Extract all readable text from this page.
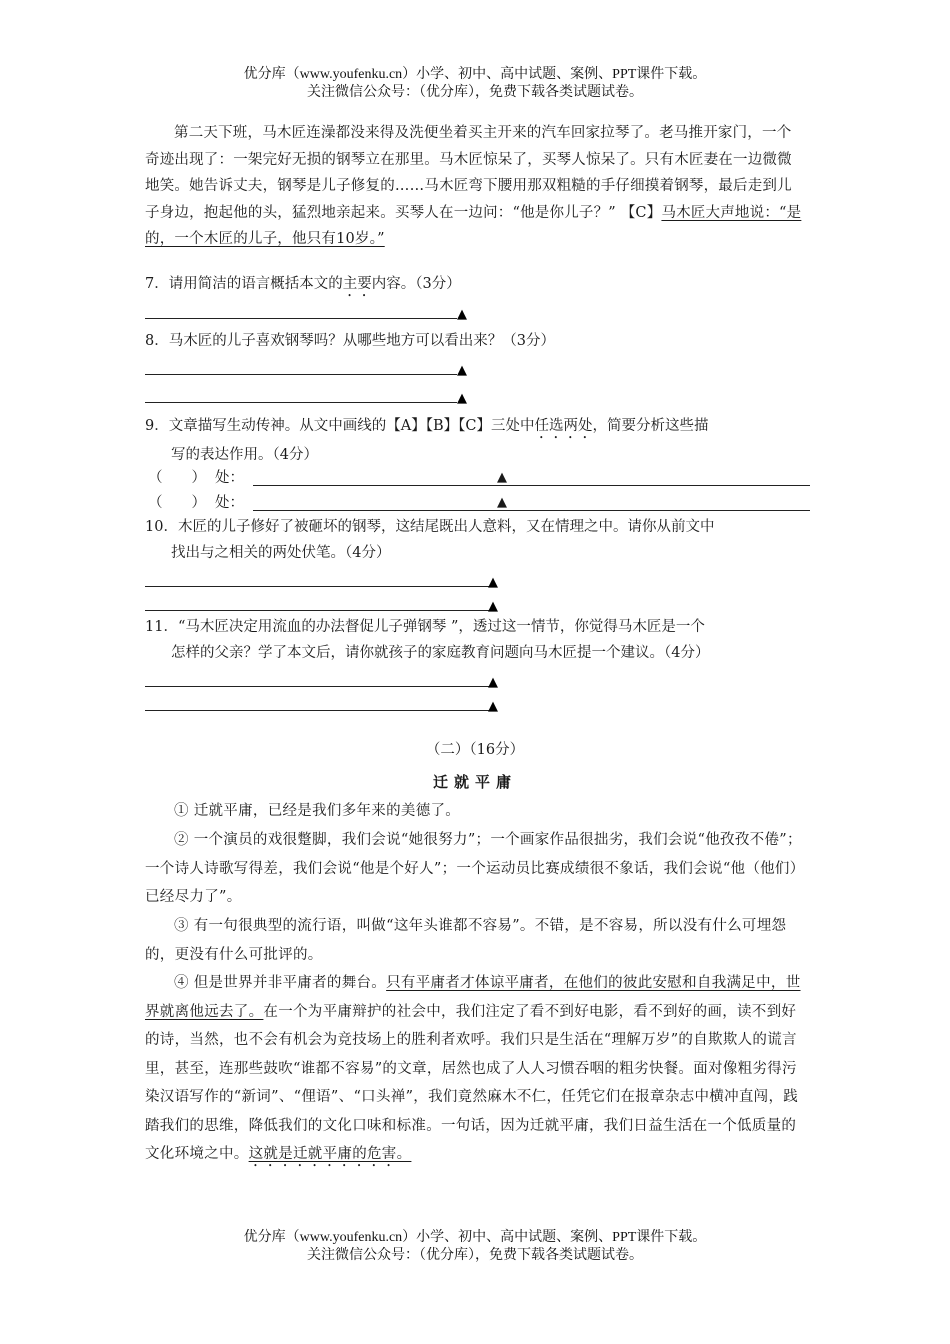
优分库（www.youfenku.cn）小学、初中、高中试题、案例、PPT课件下载。
关注微信公众号：（优分库），免费下载各类试题试卷。
第二天下班，马木匠连澡都没来得及洗便坐着买主开来的汽车回家拉琴了。老马推开家门，一个奇迹出现了：一架完好无损的钢琴立在那里。马木匠惊呆了，买琴人惊呆了。只有木匠妻在一边微微地笑。她告诉丈夫，钢琴是儿子修复的……马木匠弯下腰用那双粗糙的手仔细摸着钢琴，最后走到儿子身边，抱起他的头，猛烈地亲起来。买琴人在一边问：“他是你儿子？” 【C】马木匠大声地说：“是的，一个木匠的儿子，他只有10岁。”
7．请用简洁的语言概括本文的主要内容。（3分）
▲
8．马木匠的儿子喜欢钢琴吗？从哪些地方可以看出来？（3分）
▲
▲
9．文章描写生动传神。从文中画线的【A】【B】【C】三处中任选两处，简要分析这些描
写的表达作用。（4分）
（　　） 处：	▲
（　　） 处：	▲
10．木匠的儿子修好了被砸坏的钢琴，这结尾既出人意料，又在情理之中。请你从前文中
找出与之相关的两处伏笔。（4分）
▲
▲
11．“马木匠决定用流血的办法督促儿子弹钢琴 ”，透过这一情节，你觉得马木匠是一个
怎样的父亲？学了本文后，请你就孩子的家庭教育问题向马木匠提一个建议。（4分）
▲
▲
（二）（16分）
迁就平庸
① 迁就平庸，已经是我们多年来的美德了。
② 一个演员的戏很蹩脚，我们会说“她很努力”；一个画家作品很拙劣，我们会说“他孜孜不倦”；一个诗人诗歌写得差，我们会说“他是个好人”；一个运动员比赛成绩很不象话，我们会说“他（他们）已经尽力了”。
③ 有一句很典型的流行语，叫做“这年头谁都不容易”。不错，是不容易，所以没有什么可埋怨的，更没有什么可批评的。
④ 但是世界并非平庸者的舞台。只有平庸者才体谅平庸者，在他们的彼此安慰和自我满足中，世界就离他远去了。在一个为平庸辩护的社会中，我们注定了看不到好电影，看不到好的画，读不到好的诗，当然，也不会有机会为竞技场上的胜利者欢呼。我们只是生活在“理解万岁”的自欺欺人的谎言里，甚至，连那些鼓吹“谁都不容易”的文章，居然也成了人人习惯吞咽的粗劣快餐。面对像粗劣得污染汉语写作的“新词”、“俚语”、“口头禅”，我们竟然麻木不仁，任凭它们在报章杂志中横冲直闯，践踏我们的思维，降低我们的文化口味和标准。一句话，因为迁就平庸，我们日益生活在一个低质量的文化环境之中。这就是迁就平庸的危害。
优分库（www.youfenku.cn）小学、初中、高中试题、案例、PPT课件下载。
关注微信公众号：（优分库），免费下载各类试题试卷。
